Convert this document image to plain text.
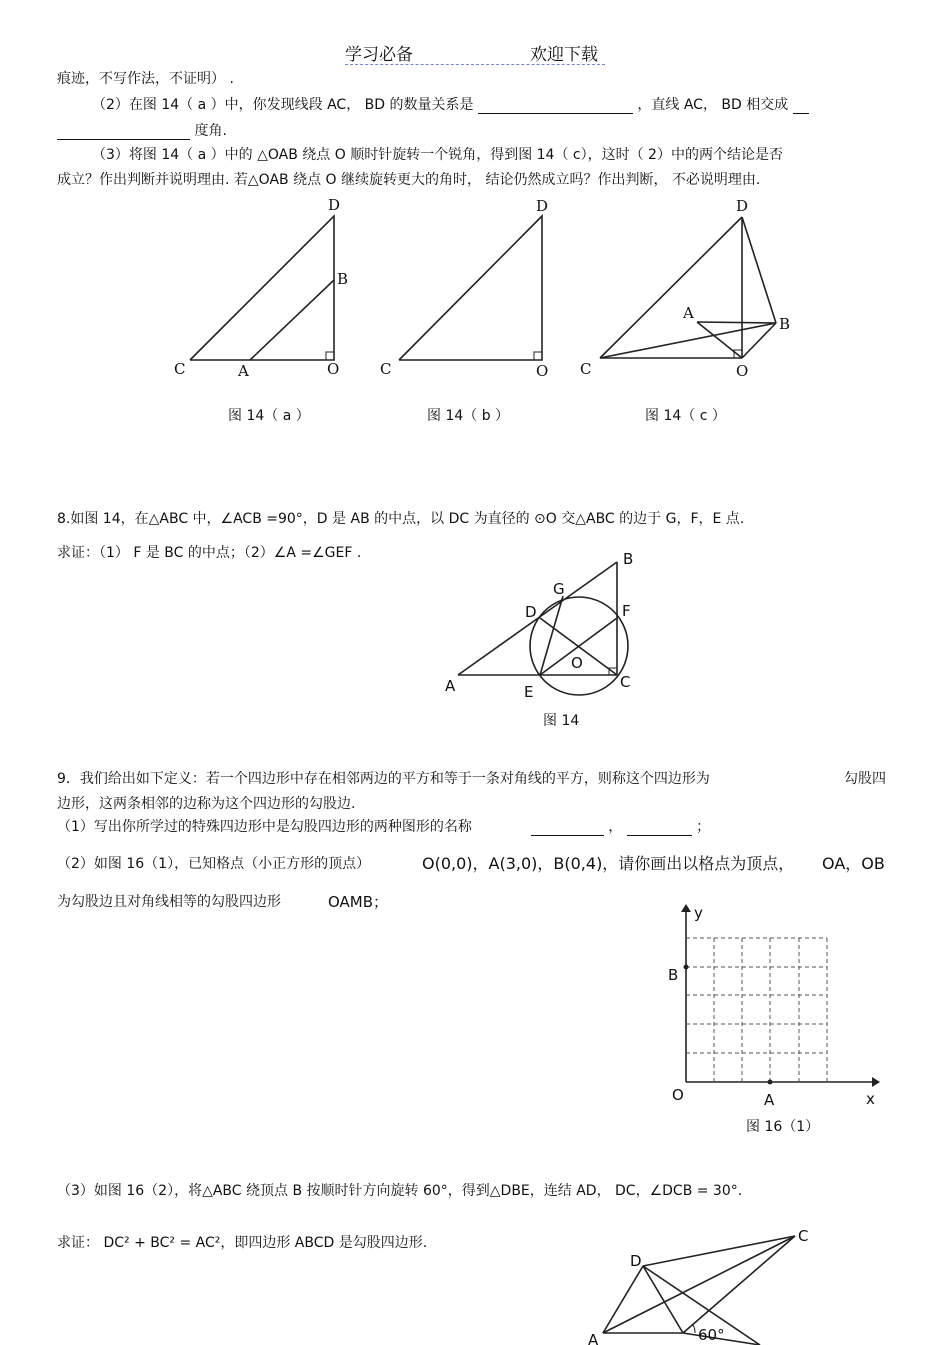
学习必备	欢迎下载
痕迹，不写作法，不证明） .
（2）在图 14（ a ）中，你发现线段 AC， BD 的数量关系是	，直线 AC， BD 相交成
度角.
（3）将图 14（ a ）中的 △OAB 绕点 O 顺时针旋转一个锐角，得到图 14（ c），这时（ 2）中的两个结论是否
成立？作出判断并说明理由. 若△OAB 绕点 O 继续旋转更大的角时， 结论仍然成立吗？作出判断， 不必说明理由.
C	A	O
B
D
C	O
D
C
A
O
B
D
A
B
C
D
E
F
G
O
y
x
O	A
B
A
C
D
60°
图 14（ a ）	图 14（ b ）	图 14（ c ）
8.如图 14，在△ABC 中，∠ACB =90°，D 是 AB 的中点，以 DC 为直径的 ⊙O 交△ABC 的边于 G，F，E 点.
求证：（1） F 是 BC 的中点；（2）∠A =∠GEF .
图 14
9．我们给出如下定义：若一个四边形中存在相邻两边的平方和等于一条对角线的平方，则称这个四边形为	勾股四
边形，这两条相邻的边称为这个四边形的勾股边.
（1）写出你所学过的特殊四边形中是勾股四边形的两种图形的名称	，	；
（2）如图 16（1），已知格点（小正方形的顶点）	O(0,0)，A(3,0)，B(0,4)，请你画出以格点为顶点， OA，OB
为勾股边且对角线相等的勾股四边形	OAMB；
图 16（1）
（3）如图 16（2），将△ABC 绕顶点 B 按顺时针方向旋转 60°，得到△DBE，连结 AD， DC，∠DCB = 30°.
求证： DC² + BC² = AC²，即四边形 ABCD 是勾股四边形.
